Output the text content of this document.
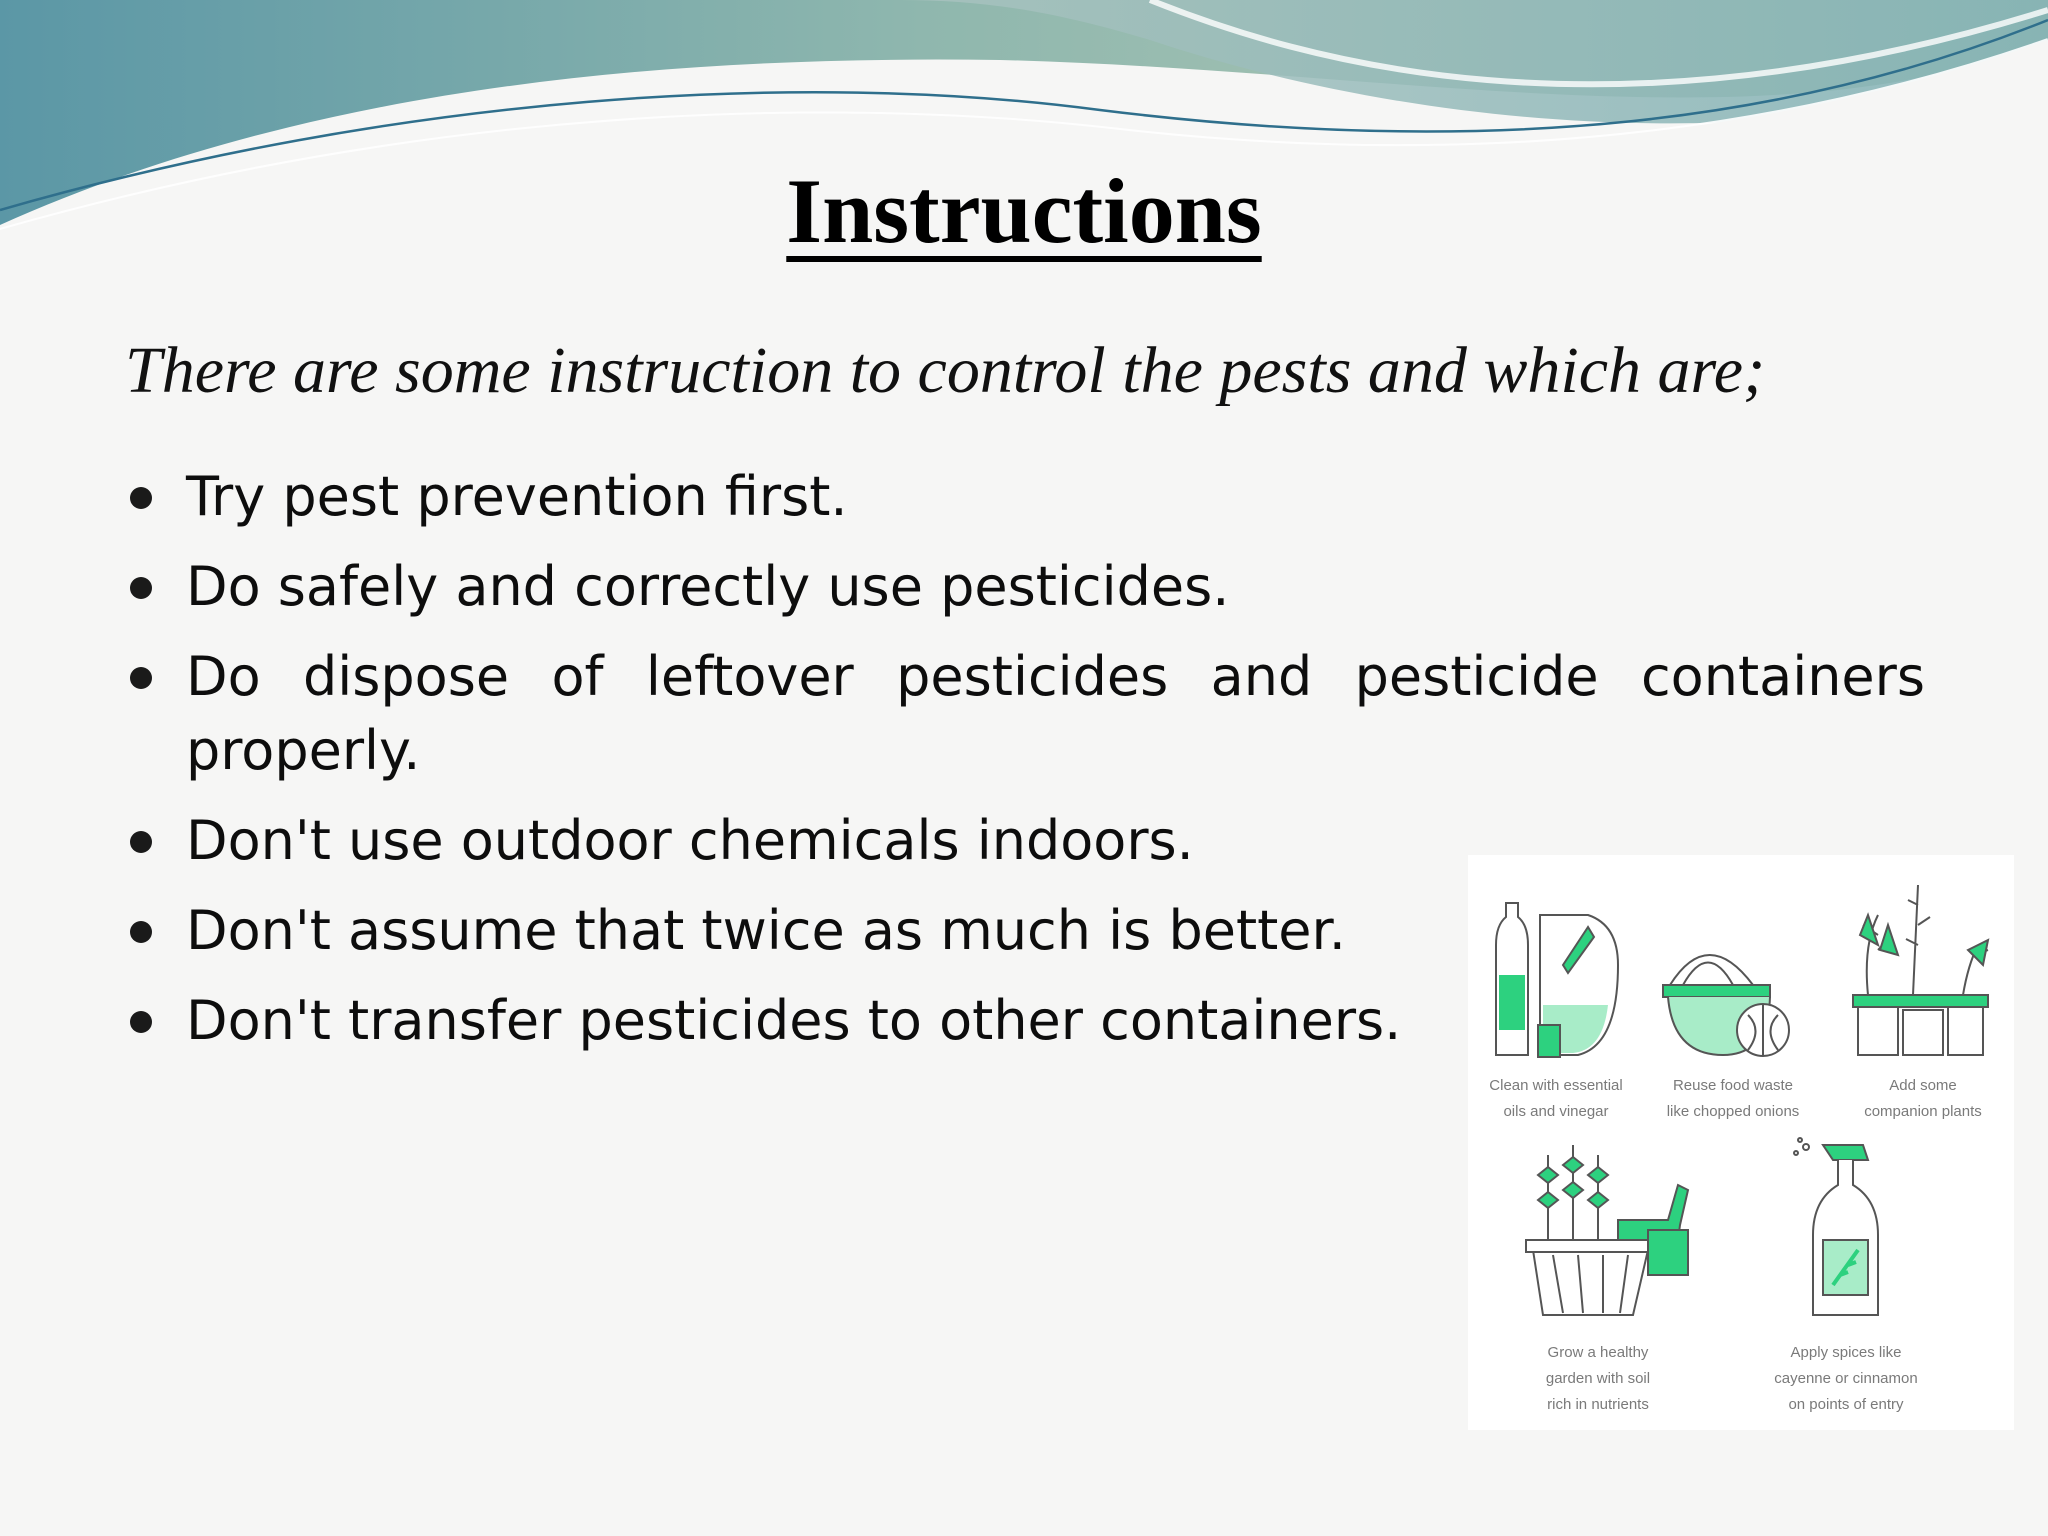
Instructions

There are some instruction to control the pests and which are;

Try pest prevention first.
Do safely and correctly use pesticides.
Do dispose of leftover pesticides and pesticide containers properly.
Don't use outdoor chemicals indoors.
Don't assume that twice as much is better.
Don't transfer pesticides to other containers.
Clean with essential
oils and vinegar
Reuse food waste
like chopped onions
Add some
companion plants
Grow a healthy
garden with soil
rich in nutrients
Apply spices like
cayenne or cinnamon
on points of entry
